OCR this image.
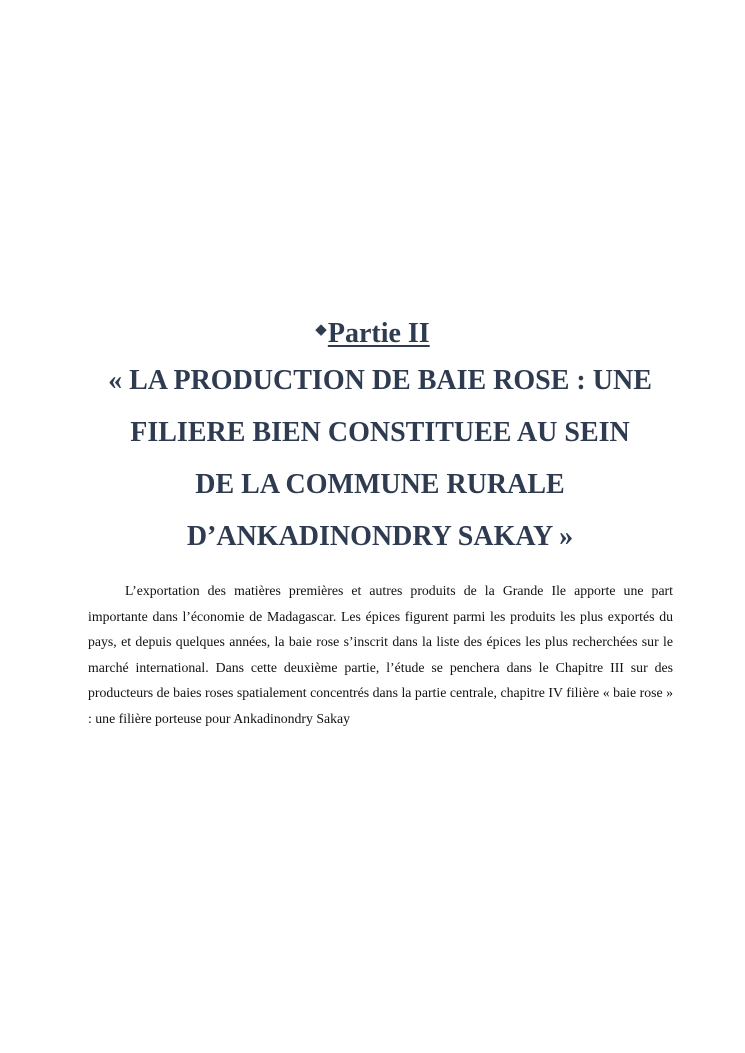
◆Partie II
« LA PRODUCTION DE BAIE ROSE : UNE
FILIERE BIEN CONSTITUEE AU SEIN
DE LA COMMUNE RURALE
D’ANKADINONDRY SAKAY »

L’exportation des matières premières et autres produits de la Grande Ile apporte une part importante dans l’économie de Madagascar. Les épices figurent parmi les produits les plus exportés du pays, et depuis quelques années, la baie rose s’inscrit dans la liste des épices les plus recherchées sur le marché international. Dans cette deuxième partie, l’étude se penchera dans le Chapitre III sur des producteurs de baies roses spatialement concentrés dans la partie centrale, chapitre IV filière « baie rose » : une filière porteuse pour Ankadinondry Sakay
